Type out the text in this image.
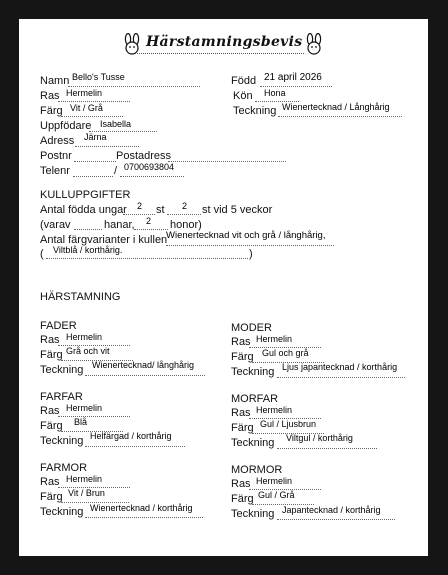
Härstamningsbevis
Namn Bello's Tusse	Född 21 april 2026
Ras Hermelin	Kön Hona
Färg Vit / Grå	Teckning Wienertecknad / Långhårig
Uppfödare Isabella
Adress Järna
Postnr	Postadress
Telenr	/ 0700693804
KULLUPPGIFTER
Antal födda ungar 2 st 2 st vid 5 veckor
(varav	hanar, 2 honor)
Antal färgvarianter i kullen
Wienertecknad vit och grå / långhårig,
( Viltblå / korthårig.	)
HÄRSTAMNING
FADER
Ras Hermelin
Färg Grå och vit
Teckning Wienertecknad/ långhårig
MODER
Ras Hermelin
Färg Gul och grå
Teckning Ljus japantecknad / korthårig
FARFAR
Ras Hermelin
Färg Blå
Teckning Helfärgad / korthårig
MORFAR
Ras Hermelin
Färg Gul / Ljusbrun
Teckning Viltgul / korthårig
FARMOR
Ras Hermelin
Färg Vit / Brun
Teckning Wienertecknad / korthårig
MORMOR
Ras Hermelin
Färg Gul / Grå
Teckning Japantecknad / korthårig
